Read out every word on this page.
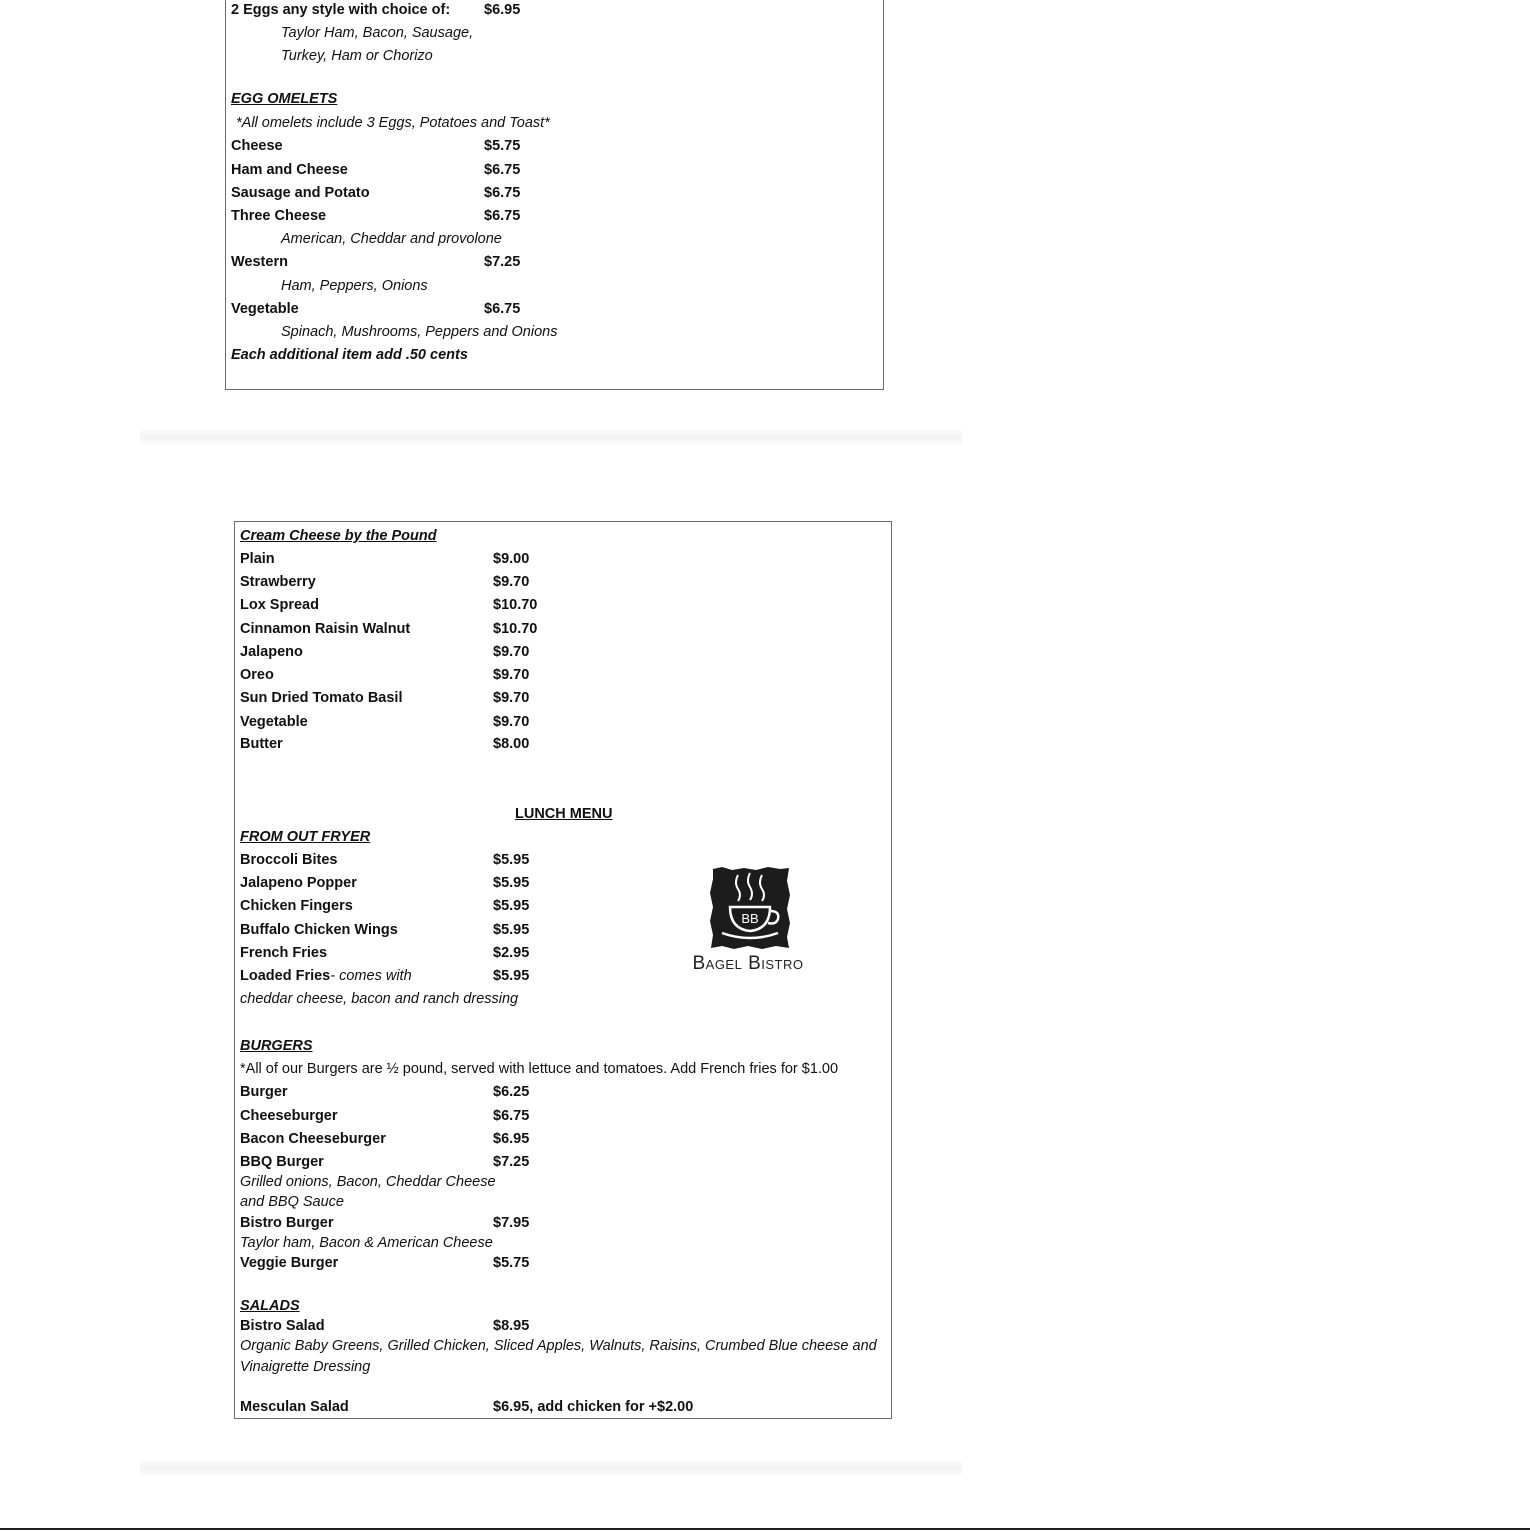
2 Eggs any style with choice of: $6.95
Taylor Ham, Bacon, Sausage,
Turkey, Ham or Chorizo
EGG OMELETS
*All omelets include 3 Eggs, Potatoes and Toast*
Cheese	$5.75
Ham and Cheese	$6.75
Sausage and Potato	$6.75
Three Cheese	$6.75
American, Cheddar and provolone
Western	$7.25
Ham, Peppers, Onions
Vegetable	$6.75
Spinach, Mushrooms, Peppers and Onions
Each additional item add .50 cents
Cream Cheese by the Pound
Plain	$9.00
Strawberry	$9.70
Lox Spread	$10.70
Cinnamon Raisin Walnut	$10.70
Jalapeno	$9.70
Oreo	$9.70
Sun Dried Tomato Basil	$9.70
Vegetable	$9.70
Butter	$8.00
LUNCH MENU
FROM OUT FRYER
Broccoli Bites	$5.95
Jalapeno Popper	$5.95
Chicken Fingers	$5.95
Buffalo Chicken Wings	$5.95
French Fries	$2.95
Loaded Fries- comes with	$5.95
cheddar cheese, bacon and ranch dressing
BB
Bagel Bistro
BURGERS
*All of our Burgers are ½ pound, served with lettuce and tomatoes. Add French fries for $1.00
Burger	$6.25
Cheeseburger	$6.75
Bacon Cheeseburger	$6.95
BBQ Burger	$7.25
Grilled onions, Bacon, Cheddar Cheese
and BBQ Sauce
Bistro Burger	$7.95
Taylor ham, Bacon & American Cheese
Veggie Burger	$5.75
SALADS
Bistro Salad	$8.95
Organic Baby Greens, Grilled Chicken, Sliced Apples, Walnuts, Raisins, Crumbed Blue cheese and
Vinaigrette Dressing
Mesculan Salad	$6.95, add chicken for +$2.00
